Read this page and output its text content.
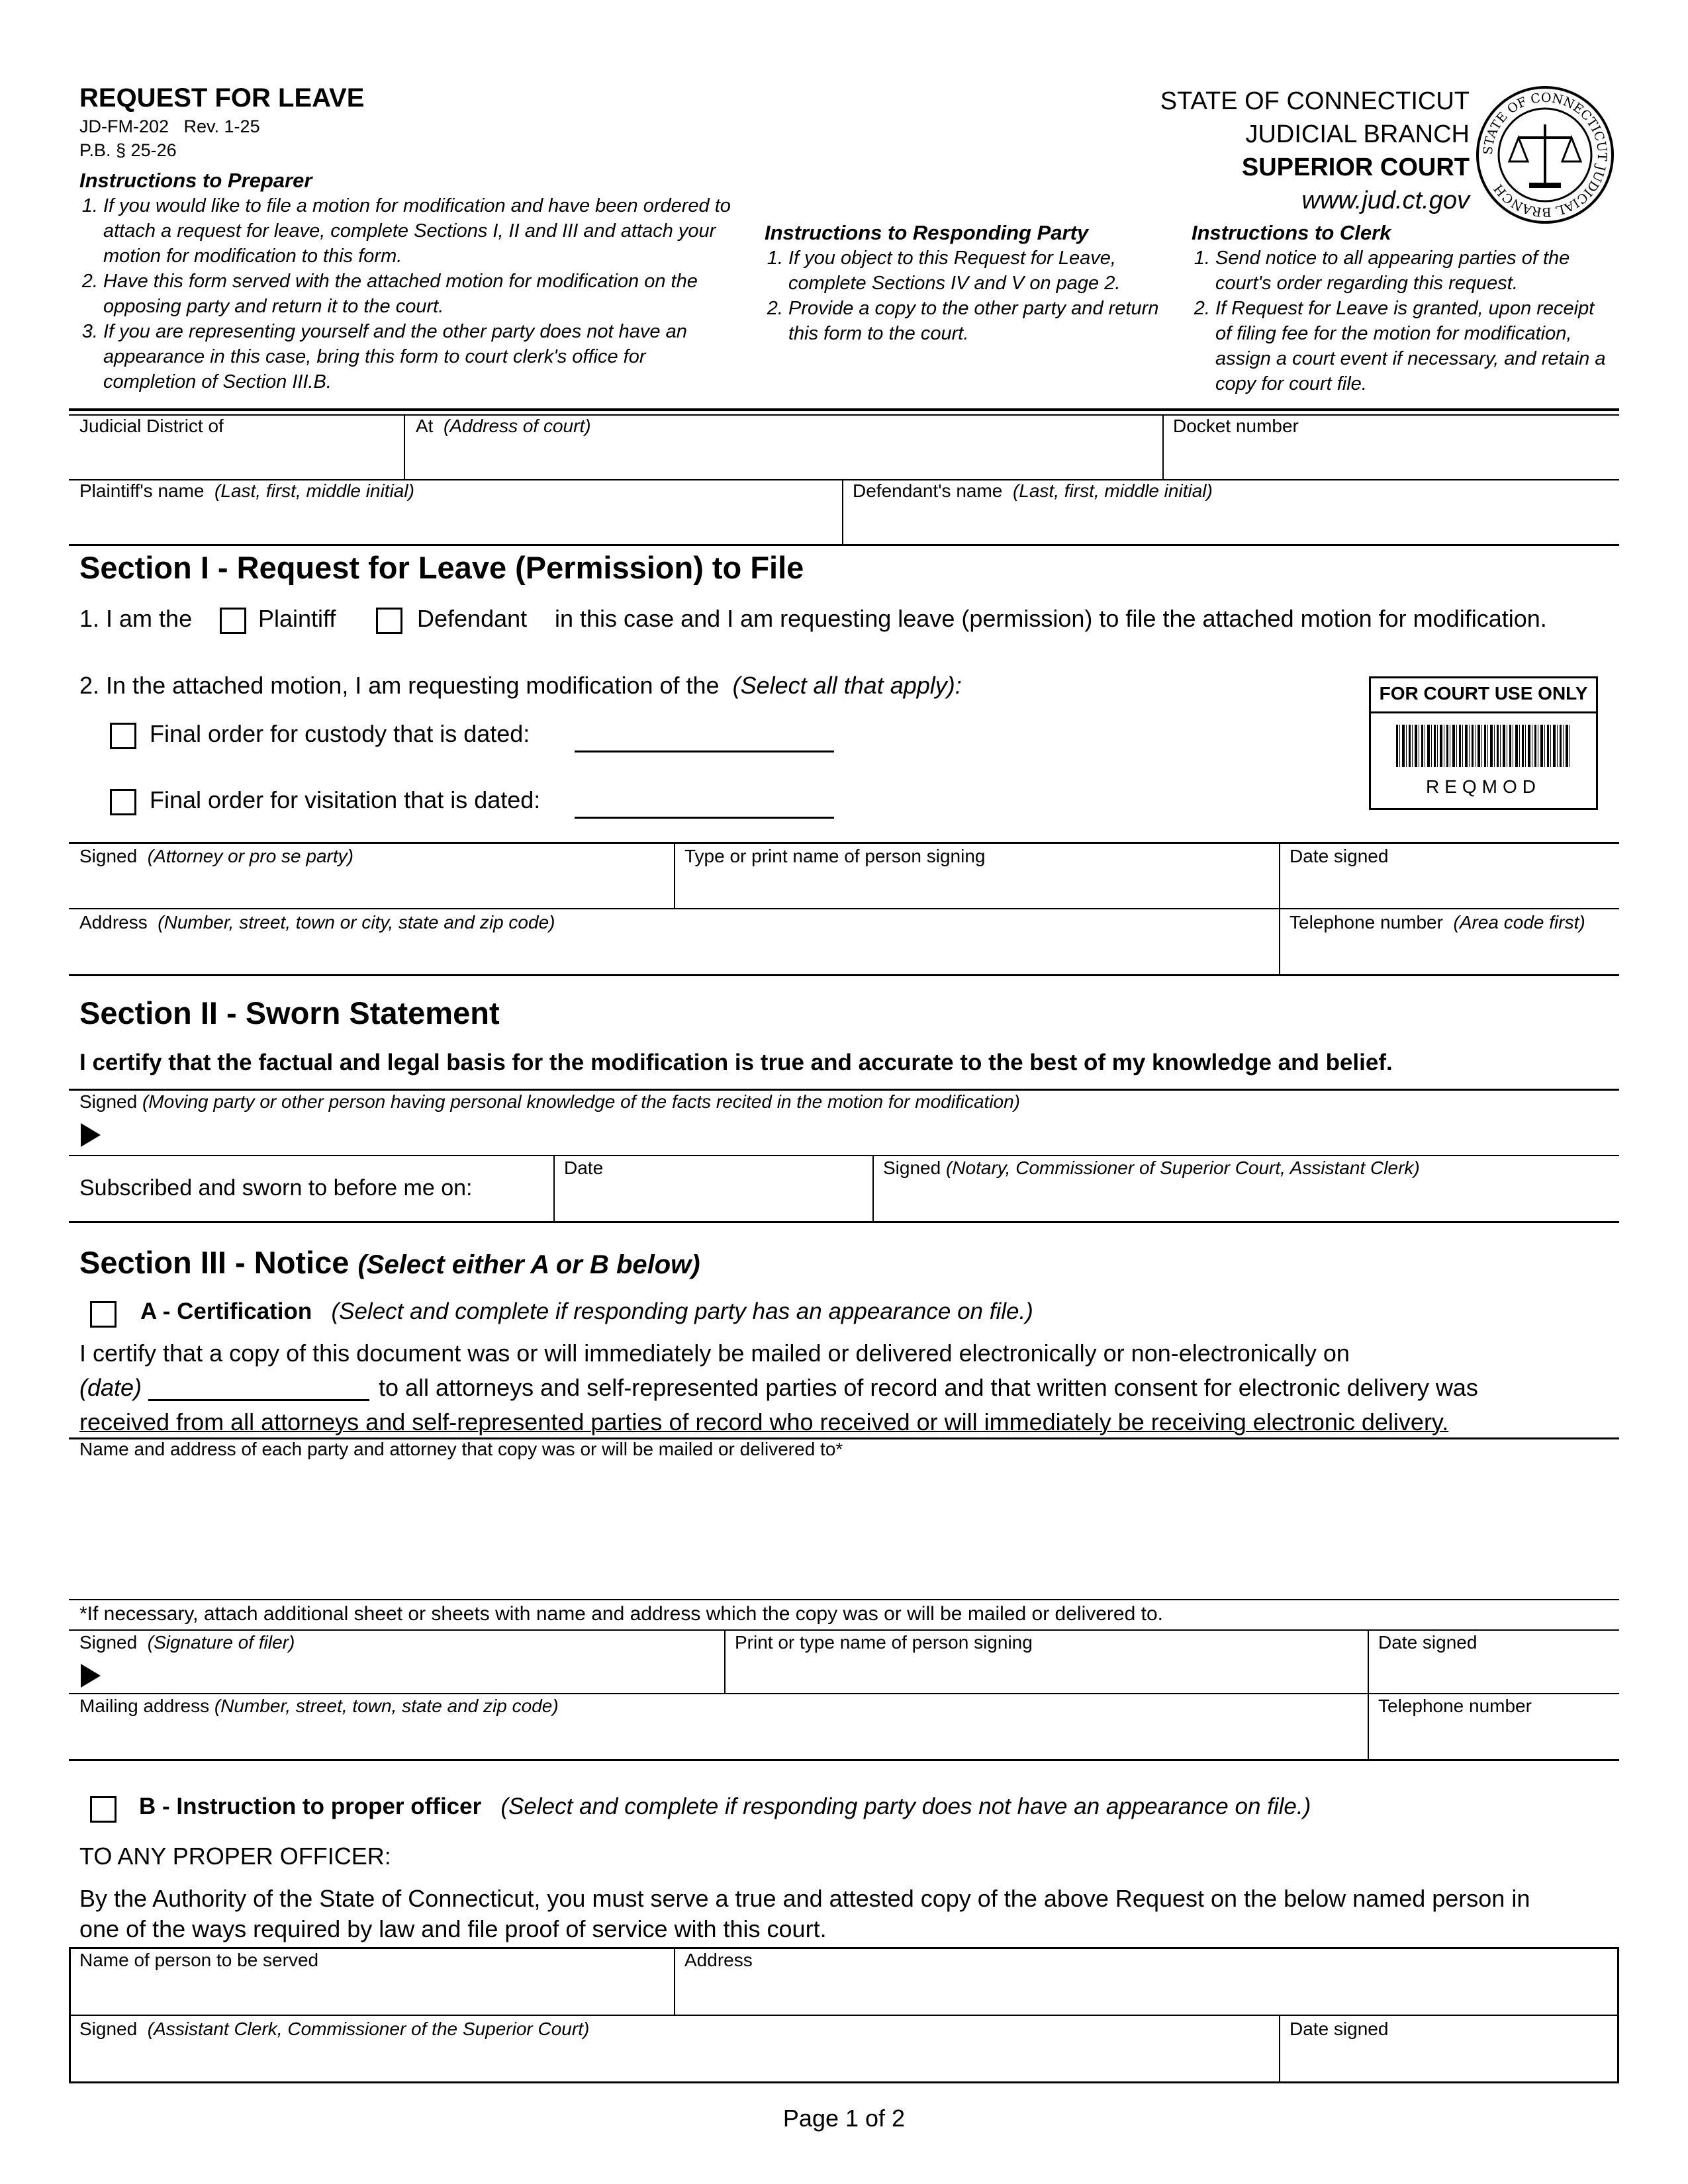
REQUEST FOR LEAVE
JD-FM-202 Rev. 1-25
P.B. § 25-26
STATE OF CONNECTICUT
JUDICIAL BRANCH
SUPERIOR COURT
www.jud.ct.gov
STATE OF CONNECTICUT JUDICIAL BRANCH
Instructions to Preparer
1. If you would like to file a motion for modification and have been ordered to attach a request for leave, complete Sections I, II and III and attach your motion for modification to this form.
2. Have this form served with the attached motion for modification on the opposing party and return it to the court.
3. If you are representing yourself and the other party does not have an appearance in this case, bring this form to court clerk's office for completion of Section III.B.
Instructions to Responding Party
1. If you object to this Request for Leave, complete Sections IV and V on page 2.
2. Provide a copy to the other party and return this form to the court.
Instructions to Clerk
1. Send notice to all appearing parties of the court's order regarding this request.
2. If Request for Leave is granted, upon receipt of filing fee for the motion for modification, assign a court event if necessary, and retain a copy for court file.
Judicial District of	At (Address of court)	Docket number
Plaintiff's name (Last, first, middle initial)	Defendant's name (Last, first, middle initial)
Section I - Request for Leave (Permission) to File
1. I am the	Plaintiff	Defendant in this case and I am requesting leave (permission) to file the attached motion for modification.
2. In the attached motion, I am requesting modification of the (Select all that apply):
Final order for custody that is dated:
Final order for visitation that is dated:
FOR COURT USE ONLY
REQMOD
Signed (Attorney or pro se party)	Type or print name of person signing	Date signed
Address (Number, street, town or city, state and zip code)	Telephone number (Area code first)
Section II - Sworn Statement
I certify that the factual and legal basis for the modification is true and accurate to the best of my knowledge and belief.
Signed (Moving party or other person having personal knowledge of the facts recited in the motion for modification)
Subscribed and sworn to before me on:
Date	Signed (Notary, Commissioner of Superior Court, Assistant Clerk)
Section III - Notice (Select either A or B below)
A - Certification (Select and complete if responding party has an appearance on file.)
I certify that a copy of this document was or will immediately be mailed or delivered electronically or non-electronically on
(date)	to all attorneys and self-represented parties of record and that written consent for electronic delivery was
received from all attorneys and self-represented parties of record who received or will immediately be receiving electronic delivery.
Name and address of each party and attorney that copy was or will be mailed or delivered to*
*If necessary, attach additional sheet or sheets with name and address which the copy was or will be mailed or delivered to.
Signed (Signature of filer)	Print or type name of person signing	Date signed
Mailing address (Number, street, town, state and zip code)	Telephone number
B - Instruction to proper officer (Select and complete if responding party does not have an appearance on file.)
TO ANY PROPER OFFICER:
By the Authority of the State of Connecticut, you must serve a true and attested copy of the above Request on the below named person in
one of the ways required by law and file proof of service with this court.
Name of person to be served	Address
Signed (Assistant Clerk, Commissioner of the Superior Court)	Date signed
Page 1 of 2
